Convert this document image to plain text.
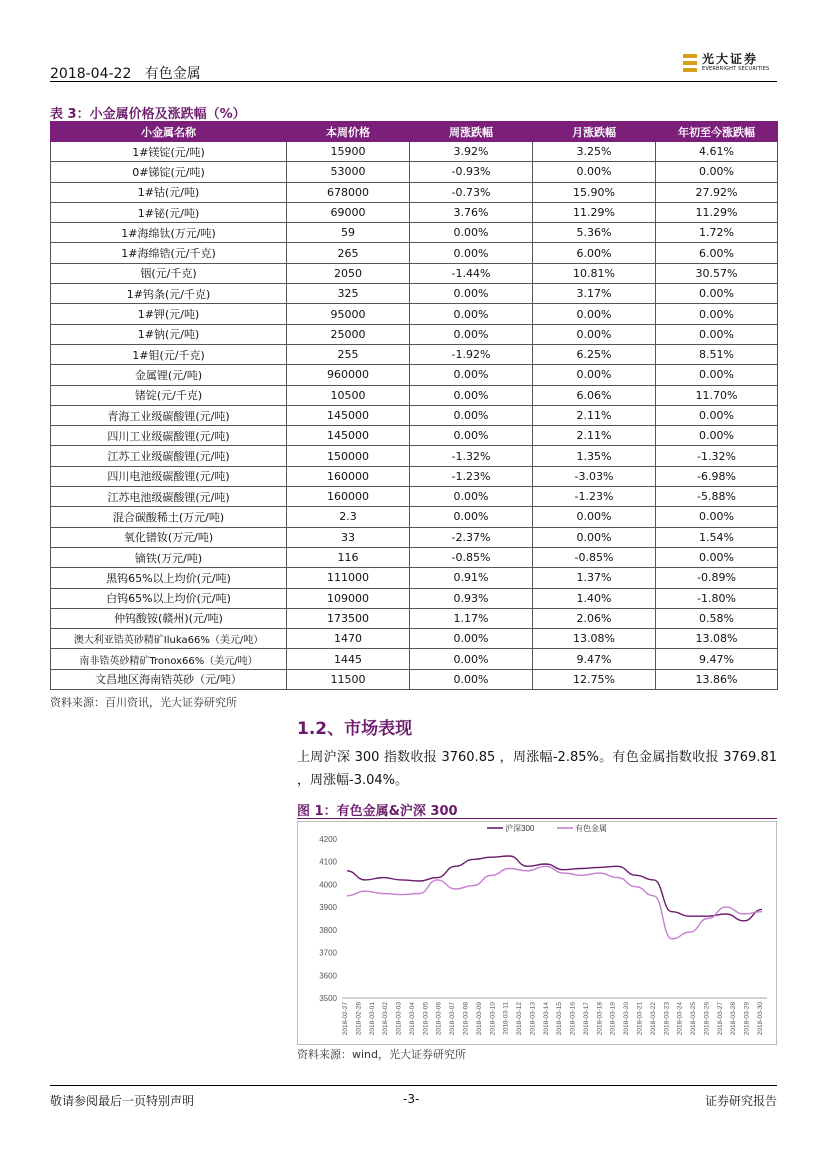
2018-04-22 有色金属
光大证券
EVERBRIGHT SECURITIES
表 3：小金属价格及涨跌幅（%）
小金属名称	本周价格	周涨跌幅	月涨跌幅	年初至今涨跌幅
1#镁锭(元/吨)	15900	3.92%	3.25%	4.61%
0#锑锭(元/吨)	53000	-0.93%	0.00%	0.00%
1#钴(元/吨)	678000	-0.73%	15.90%	27.92%
1#铋(元/吨)	69000	3.76%	11.29%	11.29%
1#海绵钛(万元/吨)	59	0.00%	5.36%	1.72%
1#海绵锆(元/千克)	265	0.00%	6.00%	6.00%
铟(元/千克)	2050	-1.44%	10.81%	30.57%
1#钨条(元/千克)	325	0.00%	3.17%	0.00%
1#钾(元/吨)	95000	0.00%	0.00%	0.00%
1#钠(元/吨)	25000	0.00%	0.00%	0.00%
1#钼(元/千克)	255	-1.92%	6.25%	8.51%
金属锂(元/吨)	960000	0.00%	0.00%	0.00%
锗锭(元/千克)	10500	0.00%	6.06%	11.70%
青海工业级碳酸锂(元/吨)	145000	0.00%	2.11%	0.00%
四川工业级碳酸锂(元/吨)	145000	0.00%	2.11%	0.00%
江苏工业级碳酸锂(元/吨)	150000	-1.32%	1.35%	-1.32%
四川电池级碳酸锂(元/吨)	160000	-1.23%	-3.03%	-6.98%
江苏电池级碳酸锂(元/吨)	160000	0.00%	-1.23%	-5.88%
混合碳酸稀土(万元/吨)	2.3	0.00%	0.00%	0.00%
氧化镨钕(万元/吨)	33	-2.37%	0.00%	1.54%
镝铁(万元/吨)	116	-0.85%	-0.85%	0.00%
黑钨65%以上均价(元/吨)	111000	0.91%	1.37%	-0.89%
白钨65%以上均价(元/吨)	109000	0.93%	1.40%	-1.80%
仲钨酸铵(赣州)(元/吨)	173500	1.17%	2.06%	0.58%
澳大利亚锆英砂精矿Iluka66%（美元/吨）	1470	0.00%	13.08%	13.08%
南非锆英砂精矿Tronox66%（美元/吨）	1445	0.00%	9.47%	9.47%
文昌地区海南锆英砂（元/吨）	11500	0.00%	12.75%	13.86%
资料来源：百川资讯，光大证券研究所
1.2、市场表现
上周沪深 300 指数收报 3760.85 ，周涨幅-2.85%。有色金属指数收报 3769.81 ，周涨幅-3.04%。
图 1：有色金属&沪深 300
3500
3600
3700
3800
3900
4000
4100
4200
2018-02-27 2018-02-28 2018-03-01 2018-03-02 2018-03-03 2018-03-04 2018-03-05 2018-03-06 2018-03-07 2018-03-08 2018-03-09 2018-03-10 2018-03-11 2018-03-12 2018-03-13 2018-03-14 2018-03-15 2018-03-16 2018-03-17 2018-03-18 2018-03-19 2018-03-20 2018-03-21 2018-03-22 2018-03-23 2018-03-24 2018-03-25 2018-03-26 2018-03-27 2018-03-28 2018-03-29 2018-03-30
沪深300	有色金属
资料来源：wind，光大证券研究所
敬请参阅最后一页特别声明	-3-	证券研究报告
